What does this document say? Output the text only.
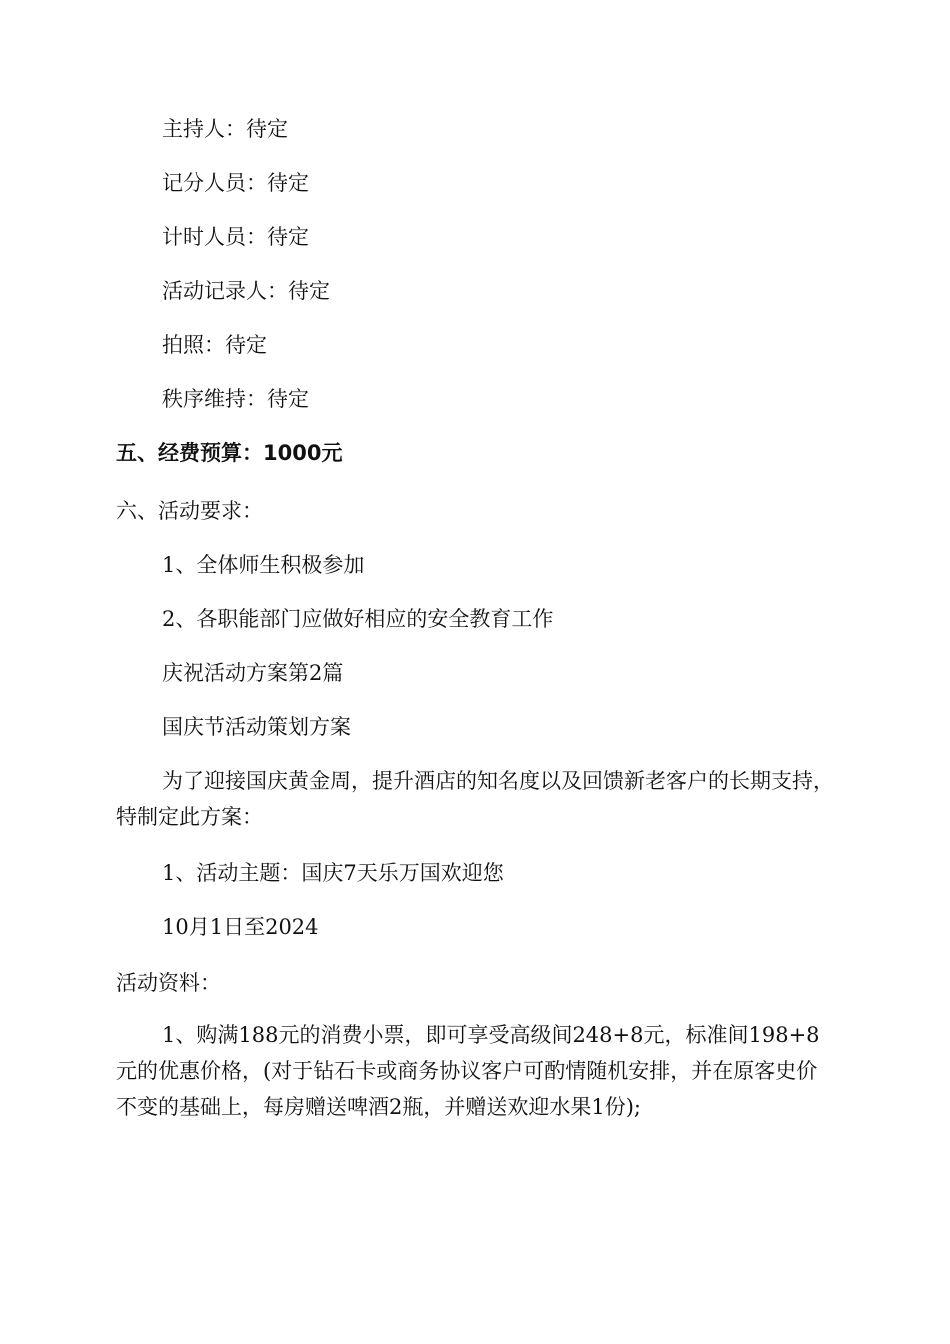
主持人：待定
记分人员：待定
计时人员：待定
活动记录人：待定
拍照：待定
秩序维持：待定
五、经费预算：1000元
六、活动要求：
1、全体师生积极参加
2、各职能部门应做好相应的安全教育工作
庆祝活动方案第2篇
国庆节活动策划方案
为了迎接国庆黄金周，提升酒店的知名度以及回馈新老客户的长期支持，特制定此方案：
1、活动主题：国庆7天乐万国欢迎您
10月1日至2024
活动资料：
1、购满188元的消费小票，即可享受高级间248+8元，标准间198+8元的优惠价格，(对于钻石卡或商务协议客户可酌情随机安排，并在原客史价不变的基础上，每房赠送啤酒2瓶，并赠送欢迎水果1份);
